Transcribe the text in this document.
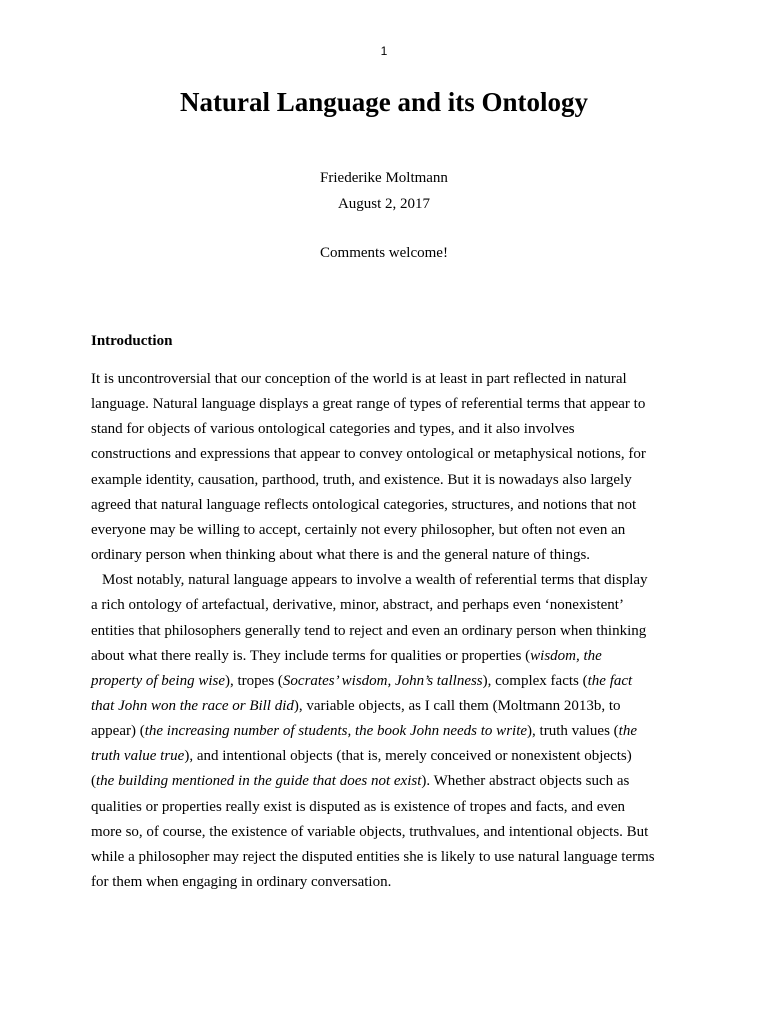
1
Natural Language and its Ontology
Friederike Moltmann
August 2, 2017
Comments welcome!
Introduction
It is uncontroversial that our conception of the world is at least in part reflected in natural
language. Natural language displays a great range of types of referential terms that appear to
stand for objects of various ontological categories and types, and it also involves
constructions and expressions that appear to convey ontological or metaphysical notions, for
example identity, causation, parthood, truth, and existence. But it is nowadays also largely
agreed that natural language reflects ontological categories, structures, and notions that not
everyone may be willing to accept, certainly not every philosopher, but often not even an
ordinary person when thinking about what there is and the general nature of things.
Most notably, natural language appears to involve a wealth of referential terms that display
a rich ontology of artefactual, derivative, minor, abstract, and perhaps even ‘nonexistent’
entities that philosophers generally tend to reject and even an ordinary person when thinking
about what there really is. They include terms for qualities or properties (wisdom, the
property of being wise), tropes (Socrates’ wisdom, John’s tallness), complex facts (the fact
that John won the race or Bill did), variable objects, as I call them (Moltmann 2013b, to
appear) (the increasing number of students, the book John needs to write), truth values (the
truth value true), and intentional objects (that is, merely conceived or nonexistent objects)
(the building mentioned in the guide that does not exist). Whether abstract objects such as
qualities or properties really exist is disputed as is existence of tropes and facts, and even
more so, of course, the existence of variable objects, truthvalues, and intentional objects. But
while a philosopher may reject the disputed entities she is likely to use natural language terms
for them when engaging in ordinary conversation.
